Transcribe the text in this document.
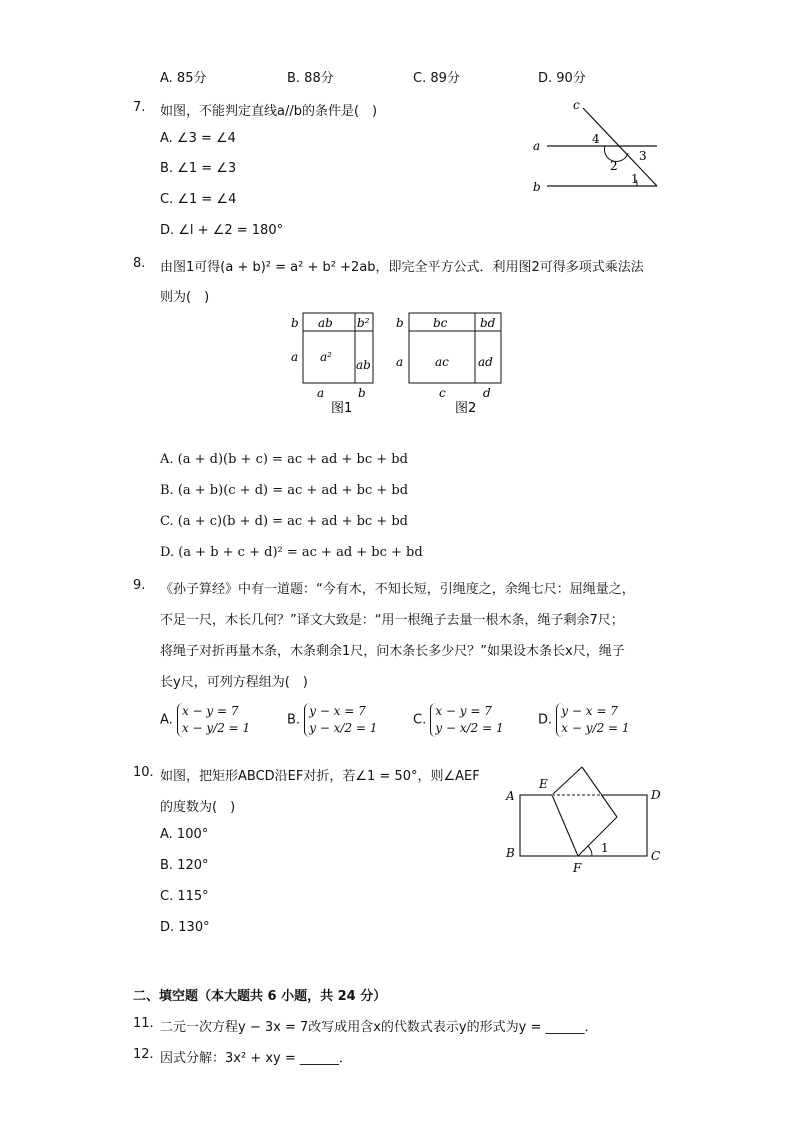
A. 85分	B. 88分	C. 89分	D. 90分
7. 如图，不能判定直线a//b的条件是(　)
A. ∠3 = ∠4
B. ∠1 = ∠3
C. ∠1 = ∠4
D. ∠l + ∠2 = 180°
a
b
c
1
2
3
4
8. 由图1可得(a + b)² = a² + b² +2ab，即完全平方公式．利用图2可得多项式乘法法
则为(　)
ab b²
a²
ab
b
a
a	b
图1
bc	bd
ac ad
b
a
c	d
图2
A. (a + d)(b + c) = ac + ad + bc + bd
B. (a + b)(c + d) = ac + ad + bc + bd
C. (a + c)(b + d) = ac + ad + bc + bd
D. (a + b + c + d)² = ac + ad + bc + bd
9. 《孙子算经》中有一道题：“今有木，不知长短，引绳度之，余绳七尺：屈绳量之，
不足一尺，木长几何？”译文大致是：“用一根绳子去量一根木条，绳子剩余7尺；
将绳子对折再量木条，木条剩余1尺，问木条长多少尺？”如果设木条长x尺，绳子
长y尺，可列方程组为(　)
A.
x − y = 7
x − y/2 = 1
B.
y − x = 7
y − x/2 = 1
C.
x − y = 7
y − x/2 = 1
D.
y − x = 7
x − y/2 = 1
10. 如图，把矩形ABCD沿EF对折，若∠1 = 50°，则∠AEF
的度数为(　)
A. 100°
B. 120°
C. 115°
D. 130°
A
B	C
D
E
F
1
二、填空题（本大题共 6 小题，共 24 分）
11. 二元一次方程y − 3x = 7改写成用含x的代数式表示y的形式为y = ______．
12. 因式分解：3x² + xy = ______．
